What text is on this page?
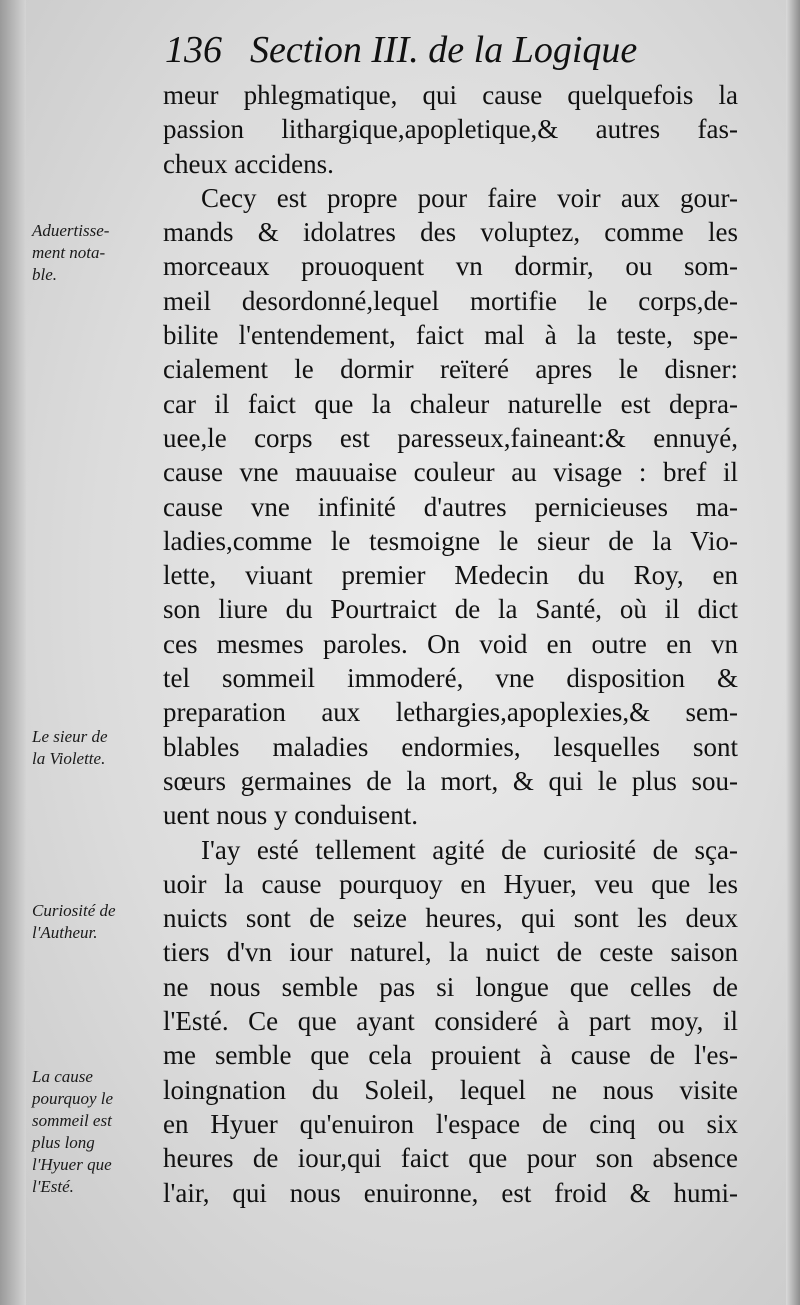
136 Section III. de la Logique
Aduertisse-
ment nota-
ble.
Le sieur de
la Violette.
Curiosité de
l'Autheur.
La cause
pourquoy le
sommeil est
plus long
l'Hyuer que
l'Esté.
meur phlegmatique, qui cause quelquefois la
passion lithargique,apopletique,& autres fas-
cheux accidens.
Cecy est propre pour faire voir aux gour-
mands & idolatres des voluptez, comme les
morceaux prouoquent vn dormir, ou som-
meil desordonné,lequel mortifie le corps,de-
bilite l'entendement, faict mal à la teste, spe-
cialement le dormir reïteré apres le disner:
car il faict que la chaleur naturelle est depra-
uee,le corps est paresseux,faineant:& ennuyé,
cause vne mauuaise couleur au visage : bref il
cause vne infinité d'autres pernicieuses ma-
ladies,comme le tesmoigne le sieur de la Vio-
lette, viuant premier Medecin du Roy, en
son liure du Pourtraict de la Santé, où il dict
ces mesmes paroles. On void en outre en vn
tel sommeil immoderé, vne disposition &
preparation aux lethargies,apoplexies,& sem-
blables maladies endormies, lesquelles sont
sœurs germaines de la mort, & qui le plus sou-
uent nous y conduisent.
I'ay esté tellement agité de curiosité de sça-
uoir la cause pourquoy en Hyuer, veu que les
nuicts sont de seize heures, qui sont les deux
tiers d'vn iour naturel, la nuict de ceste saison
ne nous semble pas si longue que celles de
l'Esté. Ce que ayant consideré à part moy, il
me semble que cela prouient à cause de l'es-
loingnation du Soleil, lequel ne nous visite
en Hyuer qu'enuiron l'espace de cinq ou six
heures de iour,qui faict que pour son absence
l'air, qui nous enuironne, est froid & humi-
